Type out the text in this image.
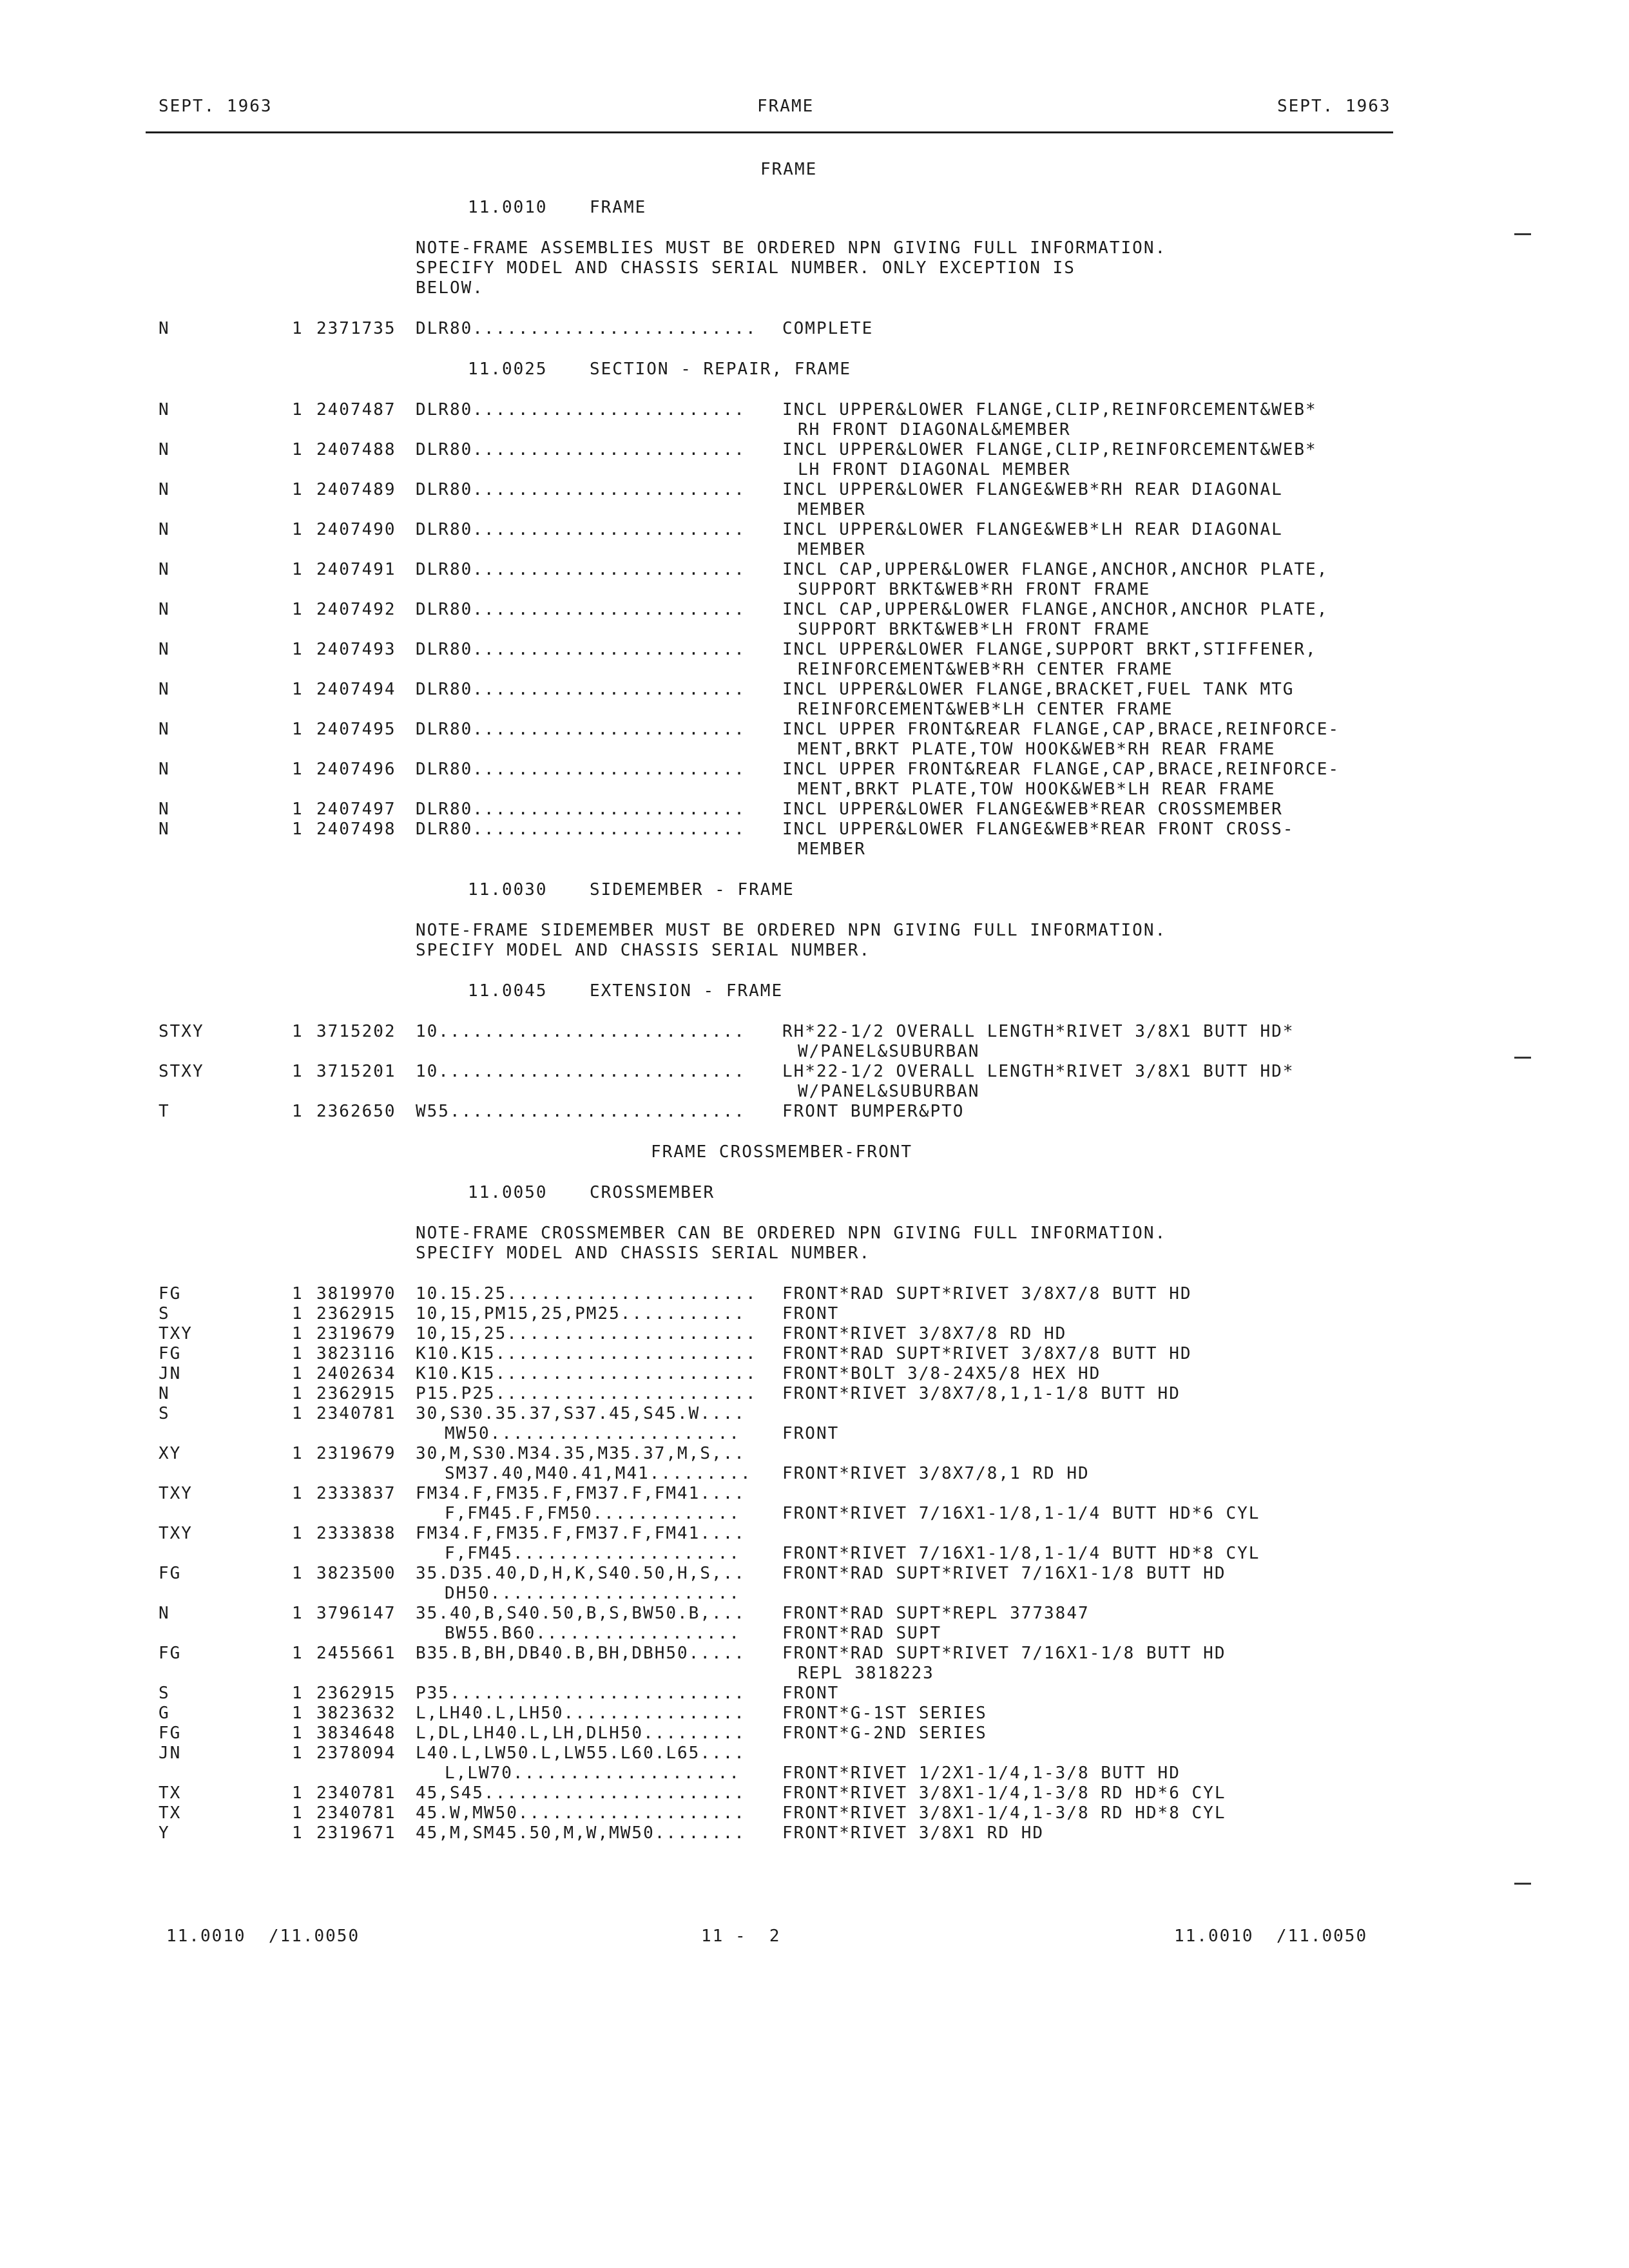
SEPT. 1963	FRAME	SEPT. 1963
FRAME
11.0010	FRAME
NOTE-FRAME ASSEMBLIES MUST BE ORDERED NPN GIVING FULL INFORMATION.
SPECIFY MODEL AND CHASSIS SERIAL NUMBER. ONLY EXCEPTION IS
BELOW.
N	1 2371735 DLR80......................... COMPLETE
11.0025	SECTION - REPAIR, FRAME
N	1 2407487 DLR80........................ INCL UPPER&LOWER FLANGE,CLIP,REINFORCEMENT&WEB*
RH FRONT DIAGONAL&MEMBER
N	1 2407488 DLR80........................ INCL UPPER&LOWER FLANGE,CLIP,REINFORCEMENT&WEB*
LH FRONT DIAGONAL MEMBER
N	1 2407489 DLR80........................ INCL UPPER&LOWER FLANGE&WEB*RH REAR DIAGONAL
MEMBER
N	1 2407490 DLR80........................ INCL UPPER&LOWER FLANGE&WEB*LH REAR DIAGONAL
MEMBER
N	1 2407491 DLR80........................ INCL CAP,UPPER&LOWER FLANGE,ANCHOR,ANCHOR PLATE,
SUPPORT BRKT&WEB*RH FRONT FRAME
N	1 2407492 DLR80........................ INCL CAP,UPPER&LOWER FLANGE,ANCHOR,ANCHOR PLATE,
SUPPORT BRKT&WEB*LH FRONT FRAME
N	1 2407493 DLR80........................ INCL UPPER&LOWER FLANGE,SUPPORT BRKT,STIFFENER,
REINFORCEMENT&WEB*RH CENTER FRAME
N	1 2407494 DLR80........................ INCL UPPER&LOWER FLANGE,BRACKET,FUEL TANK MTG
REINFORCEMENT&WEB*LH CENTER FRAME
N	1 2407495 DLR80........................ INCL UPPER FRONT&REAR FLANGE,CAP,BRACE,REINFORCE-
MENT,BRKT PLATE,TOW HOOK&WEB*RH REAR FRAME
N	1 2407496 DLR80........................ INCL UPPER FRONT&REAR FLANGE,CAP,BRACE,REINFORCE-
MENT,BRKT PLATE,TOW HOOK&WEB*LH REAR FRAME
N	1 2407497 DLR80........................ INCL UPPER&LOWER FLANGE&WEB*REAR CROSSMEMBER
N	1 2407498 DLR80........................ INCL UPPER&LOWER FLANGE&WEB*REAR FRONT CROSS-
MEMBER
11.0030	SIDEMEMBER - FRAME
NOTE-FRAME SIDEMEMBER MUST BE ORDERED NPN GIVING FULL INFORMATION.
SPECIFY MODEL AND CHASSIS SERIAL NUMBER.
11.0045	EXTENSION - FRAME
STXY	1 3715202 10........................... RH*22-1/2 OVERALL LENGTH*RIVET 3/8X1 BUTT HD*
W/PANEL&SUBURBAN
STXY	1 3715201 10........................... LH*22-1/2 OVERALL LENGTH*RIVET 3/8X1 BUTT HD*
W/PANEL&SUBURBAN
T	1 2362650 W55.......................... FRONT BUMPER&PTO
FRAME CROSSMEMBER-FRONT
11.0050	CROSSMEMBER
NOTE-FRAME CROSSMEMBER CAN BE ORDERED NPN GIVING FULL INFORMATION.
SPECIFY MODEL AND CHASSIS SERIAL NUMBER.
FG	1 3819970 10.15.25...................... FRONT*RAD SUPT*RIVET 3/8X7/8 BUTT HD
S	1 2362915 10,15,PM15,25,PM25........... FRONT
TXY	1 2319679 10,15,25...................... FRONT*RIVET 3/8X7/8 RD HD
FG	1 3823116 K10.K15....................... FRONT*RAD SUPT*RIVET 3/8X7/8 BUTT HD
JN	1 2402634 K10.K15....................... FRONT*BOLT 3/8-24X5/8 HEX HD
N	1 2362915 P15.P25....................... FRONT*RIVET 3/8X7/8,1,1-1/8 BUTT HD
S	1 2340781 30,S30.35.37,S37.45,S45.W....
MW50......................	FRONT
XY	1 2319679 30,M,S30.M34.35,M35.37,M,S,..
SM37.40,M40.41,M41......... FRONT*RIVET 3/8X7/8,1 RD HD
TXY	1 2333837 FM34.F,FM35.F,FM37.F,FM41....
F,FM45.F,FM50.............	FRONT*RIVET 7/16X1-1/8,1-1/4 BUTT HD*6 CYL
TXY	1 2333838 FM34.F,FM35.F,FM37.F,FM41....
F,FM45....................	FRONT*RIVET 7/16X1-1/8,1-1/4 BUTT HD*8 CYL
FG	1 3823500 35.D35.40,D,H,K,S40.50,H,S,.. FRONT*RAD SUPT*RIVET 7/16X1-1/8 BUTT HD
DH50......................
N	1 3796147 35.40,B,S40.50,B,S,BW50.B,... FRONT*RAD SUPT*REPL 3773847
BW55.B60..................	FRONT*RAD SUPT
FG	1 2455661 B35.B,BH,DB40.B,BH,DBH50..... FRONT*RAD SUPT*RIVET 7/16X1-1/8 BUTT HD
REPL 3818223
S	1 2362915 P35.......................... FRONT
G	1 3823632 L,LH40.L,LH50................ FRONT*G-1ST SERIES
FG	1 3834648 L,DL,LH40.L,LH,DLH50......... FRONT*G-2ND SERIES
JN	1 2378094 L40.L,LW50.L,LW55.L60.L65....
L,LW70....................	FRONT*RIVET 1/2X1-1/4,1-3/8 BUTT HD
TX	1 2340781 45,S45....................... FRONT*RIVET 3/8X1-1/4,1-3/8 RD HD*6 CYL
TX	1 2340781 45.W,MW50.................... FRONT*RIVET 3/8X1-1/4,1-3/8 RD HD*8 CYL
Y	1 2319671 45,M,SM45.50,M,W,MW50........ FRONT*RIVET 3/8X1 RD HD
11.0010  /11.0050	11 -  2	11.0010  /11.0050
